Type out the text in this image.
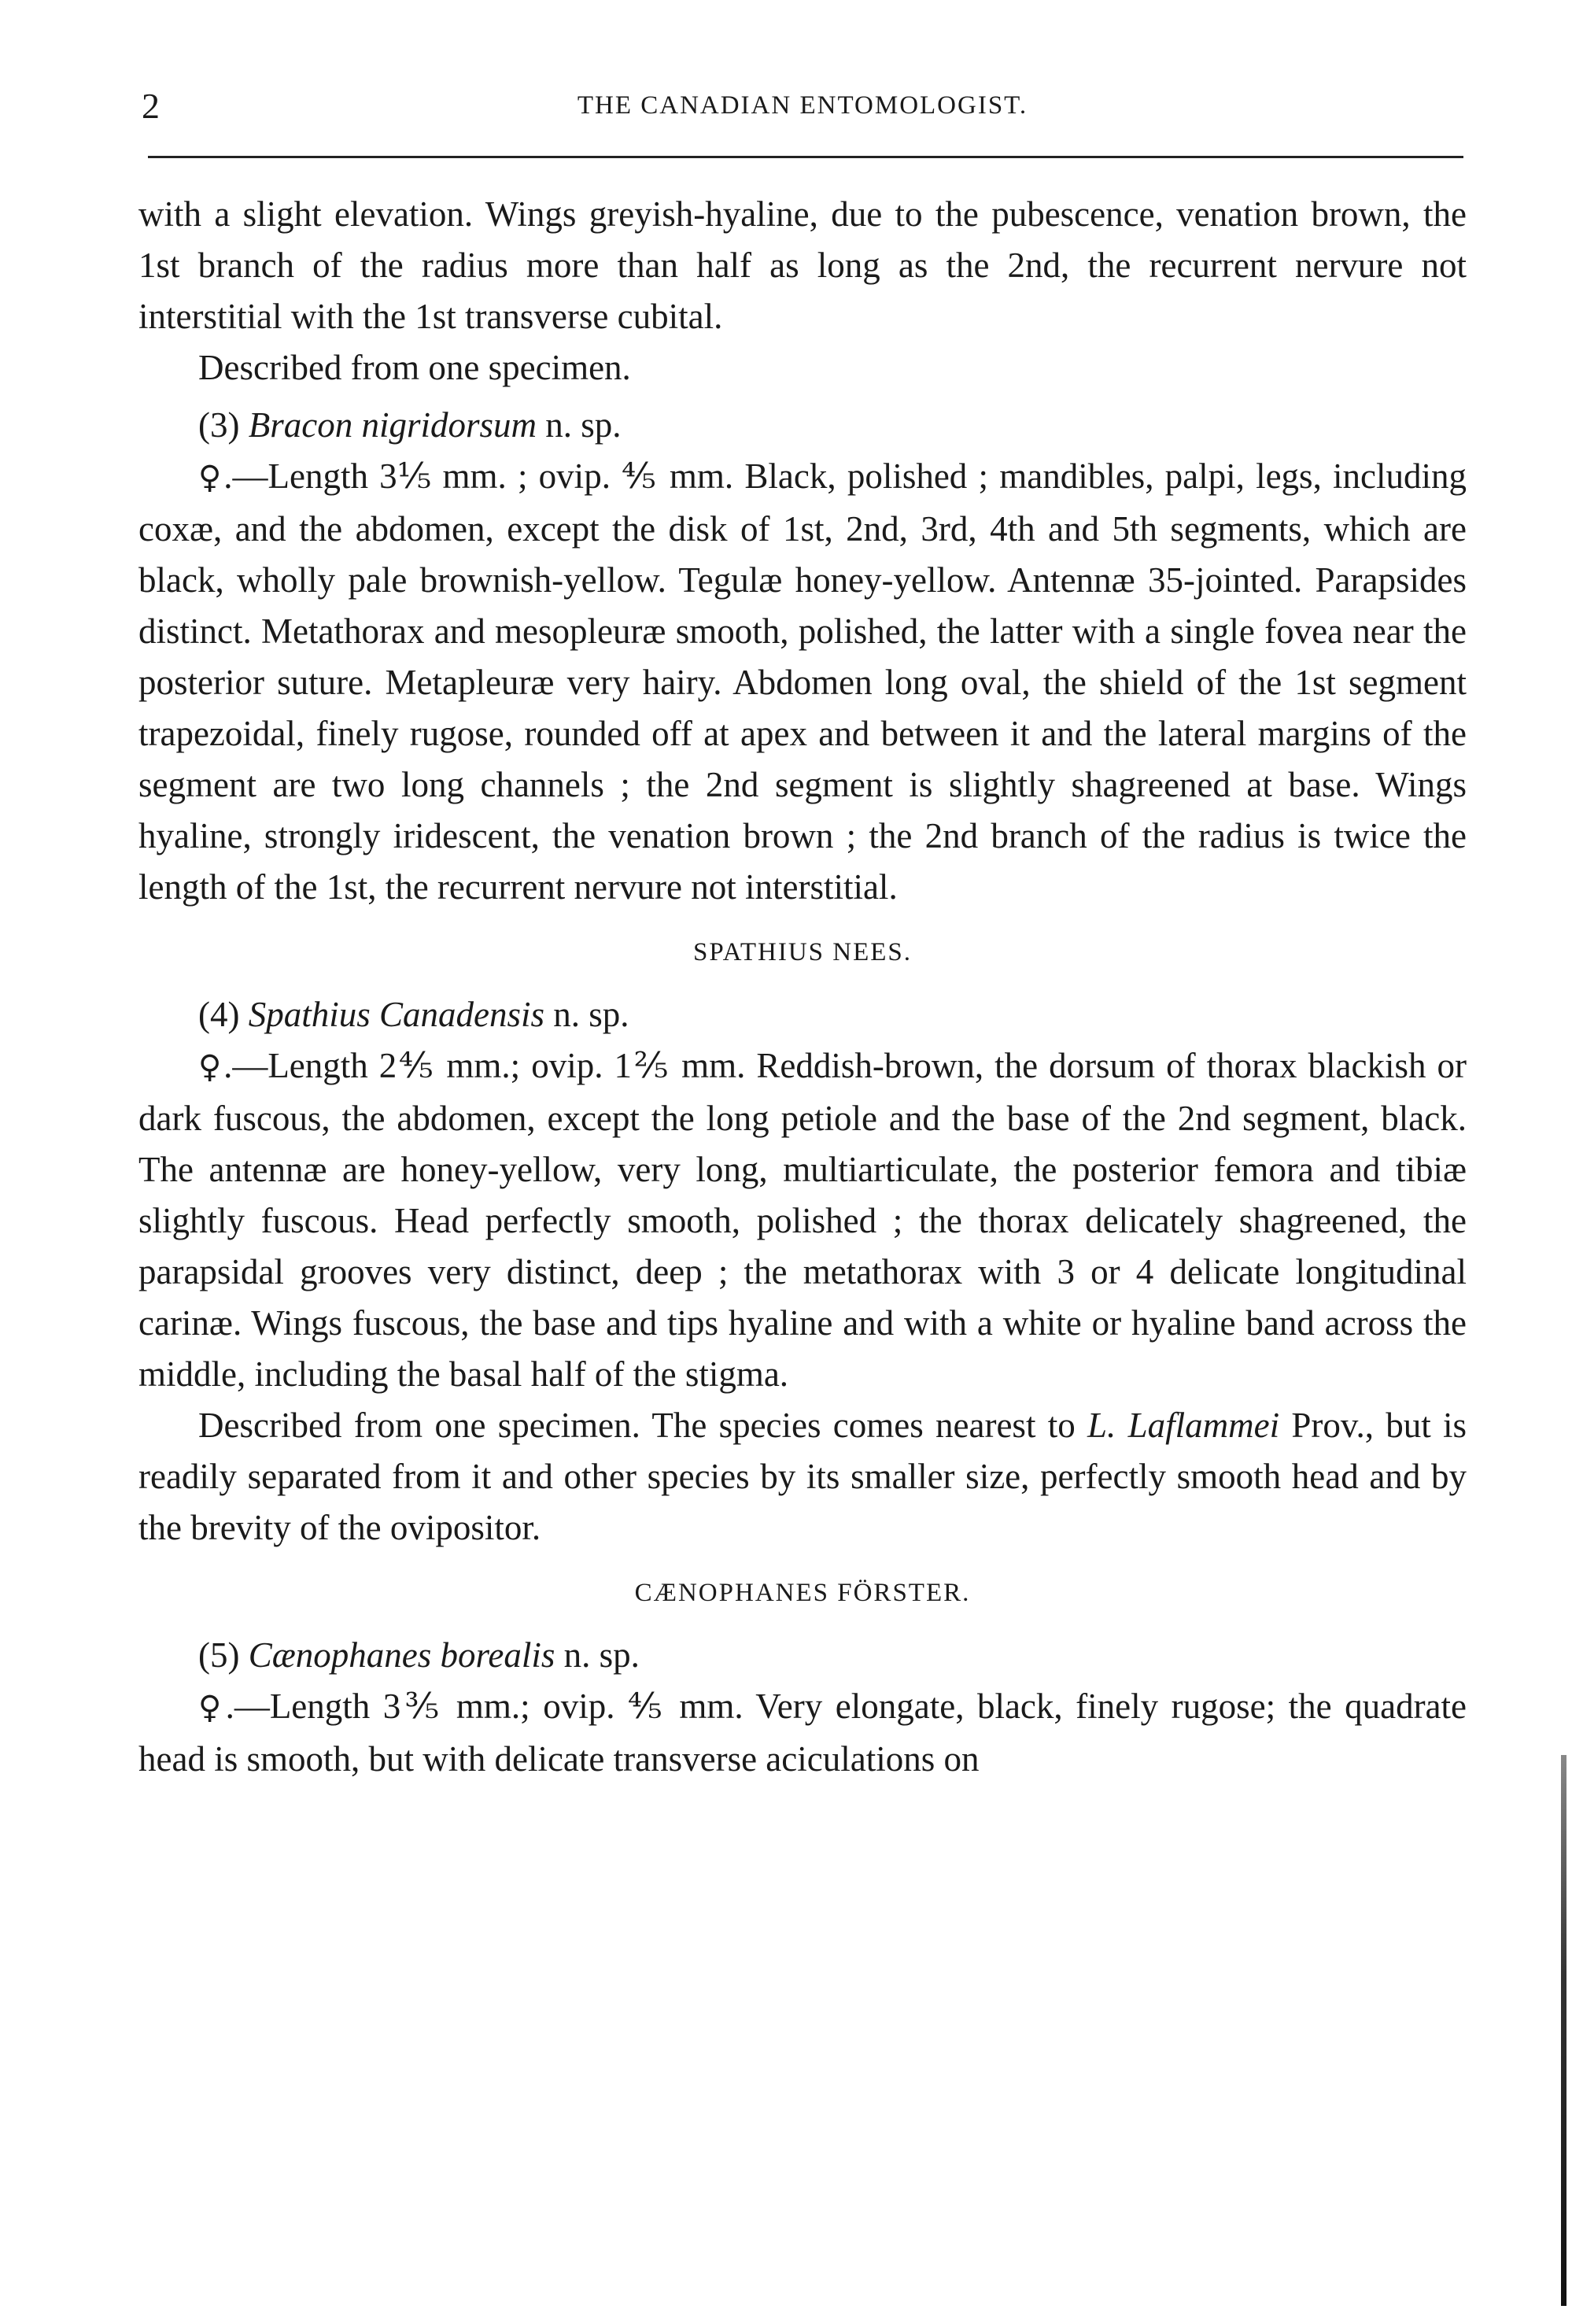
2	THE CANADIAN ENTOMOLOGIST.

with a slight elevation. Wings greyish-hyaline, due to the pubescence, venation brown, the 1st branch of the radius more than half as long as the 2nd, the recurrent nervure not interstitial with the 1st transverse cubital.

Described from one specimen.

(3) Bracon nigridorsum n. sp.

♀.—Length 3⅕ mm. ; ovip. ⅘ mm. Black, polished ; mandibles, palpi, legs, including coxæ, and the abdomen, except the disk of 1st, 2nd, 3rd, 4th and 5th segments, which are black, wholly pale brownish-yellow. Tegulæ honey-yellow. Antennæ 35-jointed. Parapsides distinct. Metathorax and mesopleuræ smooth, polished, the latter with a single fovea near the posterior suture. Metapleuræ very hairy. Abdomen long oval, the shield of the 1st segment trapezoidal, finely rugose, rounded off at apex and between it and the lateral margins of the segment are two long channels ; the 2nd segment is slightly shagreened at base. Wings hyaline, strongly iridescent, the venation brown ; the 2nd branch of the radius is twice the length of the 1st, the recurrent nervure not interstitial.

SPATHIUS NEES.

(4) Spathius Canadensis n. sp.

♀.—Length 2⅘ mm.; ovip. 1⅖ mm. Reddish-brown, the dorsum of thorax blackish or dark fuscous, the abdomen, except the long petiole and the base of the 2nd segment, black. The antennæ are honey-yellow, very long, multiarticulate, the posterior femora and tibiæ slightly fuscous. Head perfectly smooth, polished ; the thorax delicately shagreened, the parapsidal grooves very distinct, deep ; the metathorax with 3 or 4 delicate longitudinal carinæ. Wings fuscous, the base and tips hyaline and with a white or hyaline band across the middle, including the basal half of the stigma.

Described from one specimen. The species comes nearest to L. Laflammei Prov., but is readily separated from it and other species by its smaller size, perfectly smooth head and by the brevity of the ovipositor.

CÆNOPHANES FÖRSTER.

(5) Cænophanes borealis n. sp.

♀.—Length 3⅗ mm.; ovip. ⅘ mm. Very elongate, black, finely rugose; the quadrate head is smooth, but with delicate transverse aciculations on
